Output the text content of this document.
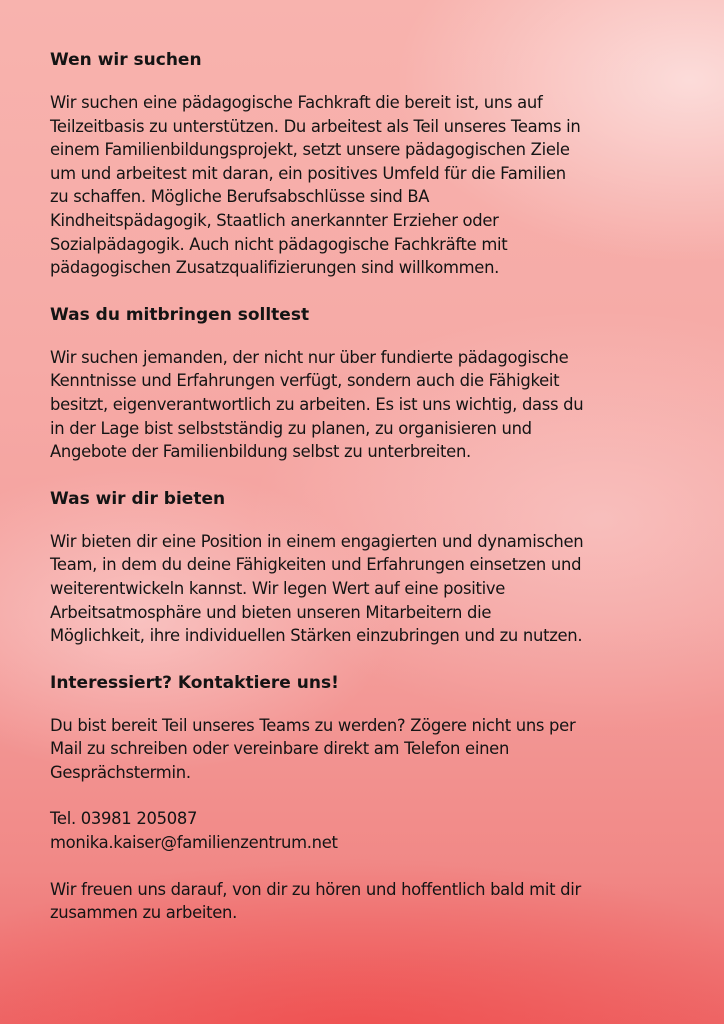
Wen wir suchen

Wir suchen eine pädagogische Fachkraft die bereit ist, uns auf
Teilzeitbasis zu unterstützen. Du arbeitest als Teil unseres Teams in
einem Familienbildungsprojekt, setzt unsere pädagogischen Ziele
um und arbeitest mit daran, ein positives Umfeld für die Familien
zu schaffen. Mögliche Berufsabschlüsse sind BA
Kindheitspädagogik, Staatlich anerkannter Erzieher oder
Sozialpädagogik. Auch nicht pädagogische Fachkräfte mit
pädagogischen Zusatzqualifizierungen sind willkommen.

Was du mitbringen solltest

Wir suchen jemanden, der nicht nur über fundierte pädagogische
Kenntnisse und Erfahrungen verfügt, sondern auch die Fähigkeit
besitzt, eigenverantwortlich zu arbeiten. Es ist uns wichtig, dass du
in der Lage bist selbstständig zu planen, zu organisieren und
Angebote der Familienbildung selbst zu unterbreiten.

Was wir dir bieten

Wir bieten dir eine Position in einem engagierten und dynamischen
Team, in dem du deine Fähigkeiten und Erfahrungen einsetzen und
weiterentwickeln kannst. Wir legen Wert auf eine positive
Arbeitsatmosphäre und bieten unseren Mitarbeitern die
Möglichkeit, ihre individuellen Stärken einzubringen und zu nutzen.

Interessiert? Kontaktiere uns!

Du bist bereit Teil unseres Teams zu werden? Zögere nicht uns per
Mail zu schreiben oder vereinbare direkt am Telefon einen
Gesprächstermin.

Tel. 03981 205087
monika.kaiser@familienzentrum.net

Wir freuen uns darauf, von dir zu hören und hoffentlich bald mit dir
zusammen zu arbeiten.
